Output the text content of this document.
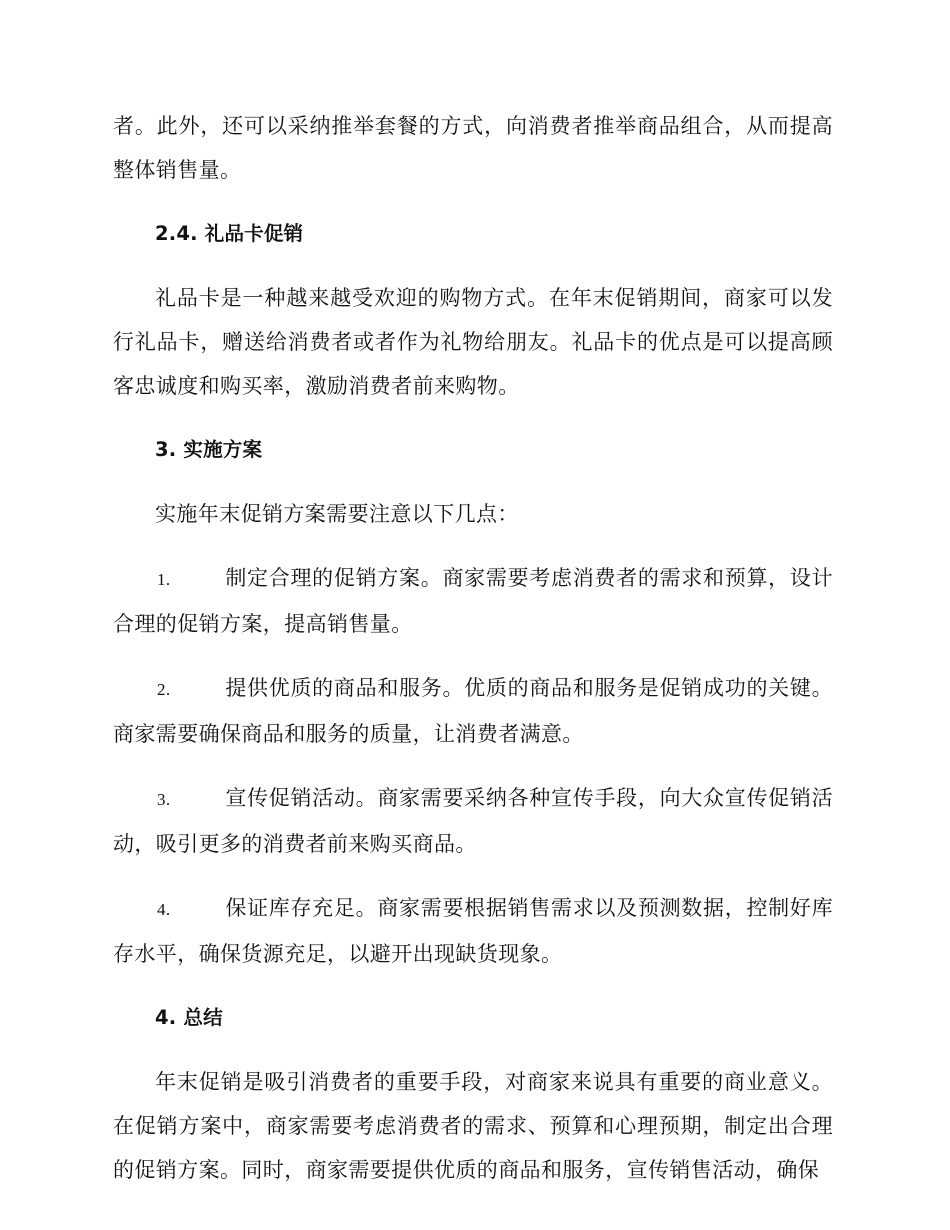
者。此外，还可以采纳推举套餐的方式，向消费者推举商品组合，从而提高整体销售量。

2.4. 礼品卡促销

礼品卡是一种越来越受欢迎的购物方式。在年末促销期间，商家可以发行礼品卡，赠送给消费者或者作为礼物给朋友。礼品卡的优点是可以提高顾客忠诚度和购买率，激励消费者前来购物。

3. 实施方案

实施年末促销方案需要注意以下几点：

1.	制定合理的促销方案。商家需要考虑消费者的需求和预算，设计合理的促销方案，提高销售量。

2.	提供优质的商品和服务。优质的商品和服务是促销成功的关键。商家需要确保商品和服务的质量，让消费者满意。

3.	宣传促销活动。商家需要采纳各种宣传手段，向大众宣传促销活动，吸引更多的消费者前来购买商品。

4.	保证库存充足。商家需要根据销售需求以及预测数据，控制好库存水平，确保货源充足，以避开出现缺货现象。

4. 总结

年末促销是吸引消费者的重要手段，对商家来说具有重要的商业意义。在促销方案中，商家需要考虑消费者的需求、预算和心理预期，制定出合理的促销方案。同时，商家需要提供优质的商品和服务，宣传销售活动，确保
